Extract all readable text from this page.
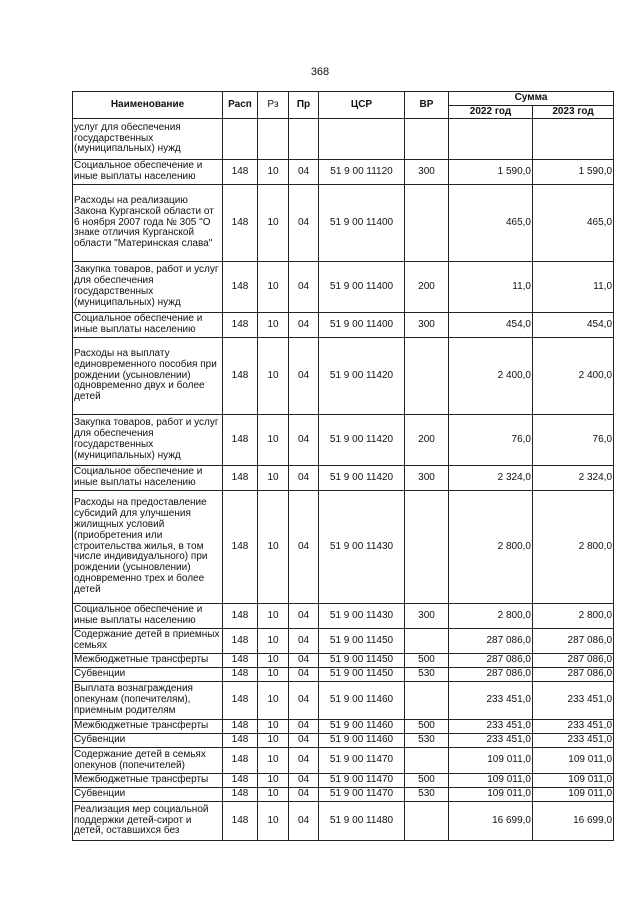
368
Наименование	Расп	Рз	Пр	ЦСР	ВР	Сумма	
						2022 год	2023 год
услуг для обеспечения государственных (муниципальных) нужд							
Социальное обеспечение и иные выплаты населению	148	10	04	51 9 00 11120	300	1 590,0	1 590,0
Расходы на реализацию Закона Курганской области от 6 ноября 2007 года № 305 "О знаке отличия Курганской области "Материнская слава"	148	10	04	51 9 00 11400		465,0	465,0
Закупка товаров, работ и услуг для обеспечения государственных (муниципальных) нужд	148	10	04	51 9 00 11400	200	11,0	11,0
Социальное обеспечение и иные выплаты населению	148	10	04	51 9 00 11400	300	454,0	454,0
Расходы на выплату единовременного пособия при рождении (усыновлении) одновременно двух и более детей	148	10	04	51 9 00 11420		2 400,0	2 400,0
Закупка товаров, работ и услуг для обеспечения государственных (муниципальных) нужд	148	10	04	51 9 00 11420	200	76,0	76,0
Социальное обеспечение и иные выплаты населению	148	10	04	51 9 00 11420	300	2 324,0	2 324,0
Расходы на предоставление субсидий для улучшения жилищных условий (приобретения или строительства жилья, в том числе индивидуального) при рождении (усыновлении) одновременно трех и более детей	148	10	04	51 9 00 11430		2 800,0	2 800,0
Социальное обеспечение и иные выплаты населению	148	10	04	51 9 00 11430	300	2 800,0	2 800,0
Содержание детей в приемных семьях	148	10	04	51 9 00 11450		287 086,0	287 086,0
Межбюджетные трансферты	148	10	04	51 9 00 11450	500	287 086,0	287 086,0
Субвенции	148	10	04	51 9 00 11450	530	287 086,0	287 086,0
Выплата вознаграждения опекунам (попечителям), приемным родителям	148	10	04	51 9 00 11460		233 451,0	233 451,0
Межбюджетные трансферты	148	10	04	51 9 00 11460	500	233 451,0	233 451,0
Субвенции	148	10	04	51 9 00 11460	530	233 451,0	233 451,0
Содержание детей в семьях опекунов (попечителей)	148	10	04	51 9 00 11470		109 011,0	109 011,0
Межбюджетные трансферты	148	10	04	51 9 00 11470	500	109 011,0	109 011,0
Субвенции	148	10	04	51 9 00 11470	530	109 011,0	109 011,0
Реализация мер социальной поддержки детей-сирот и детей, оставшихся без	148	10	04	51 9 00 11480		16 699,0	16 699,0
